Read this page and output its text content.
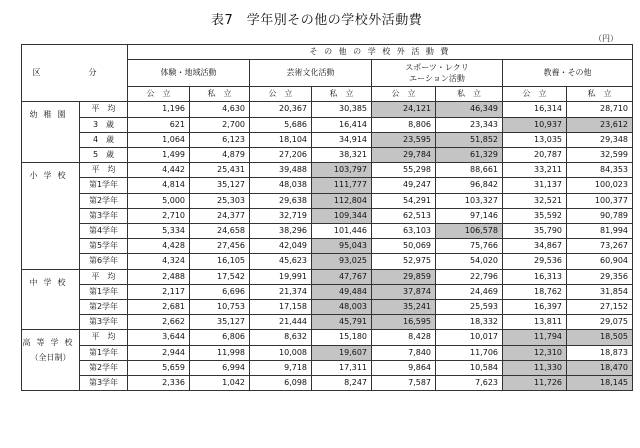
表7　学年別その他の学校外活動費
（円）
区　分		そ の 他 の 学 校 外 活 動 費							
		体験・地域活動		芸術文化活動		スポーツ・レクリ
エーション活動		教養・その他	
		公　立	私　立	公　立	私　立	公　立	私　立	公　立	私　立

幼稚園	平　均	1,196	4,630	20,367	30,385	24,121	46,349	16,314	28,710
	3　歳	621	2,700	5,686	16,414	8,806	23,343	10,937	23,612
	4　歳	1,064	6,123	18,104	34,914	23,595	51,852	13,035	29,348
	5　歳	1,499	4,879	27,206	38,321	29,784	61,329	20,787	32,599

小学校	平　均	4,442	25,431	39,488	103,797	55,298	88,661	33,211	84,353
	第1学年	4,814	35,127	48,038	111,777	49,247	96,842	31,137	100,023
	第2学年	5,000	25,303	29,638	112,804	54,291	103,327	32,521	100,377
	第3学年	2,710	24,377	32,719	109,344	62,513	97,146	35,592	90,789
	第4学年	5,334	24,658	38,296	101,446	63,103	106,578	35,790	81,994
	第5学年	4,428	27,456	42,049	95,043	50,069	75,766	34,867	73,267
	第6学年	4,324	16,105	45,623	93,025	52,975	54,020	29,536	60,904

中学校	平　均	2,488	17,542	19,991	47,767	29,859	22,796	16,313	29,356
	第1学年	2,117	6,696	21,374	49,484	37,874	24,469	18,762	31,854
	第2学年	2,681	10,753	17,158	48,003	35,241	25,593	16,397	27,152
	第3学年	2,662	35,127	21,444	45,791	16,595	18,332	13,811	29,075

高等学校
（全日制）	平　均	3,644	6,806	8,632	15,180	8,428	10,017	11,794	18,505
	第1学年	2,944	11,998	10,008	19,607	7,840	11,706	12,310	18,873
	第2学年	5,659	6,994	9,718	17,311	9,864	10,584	11,330	18,470
	第3学年	2,336	1,042	6,098	8,247	7,587	7,623	11,726	18,145
